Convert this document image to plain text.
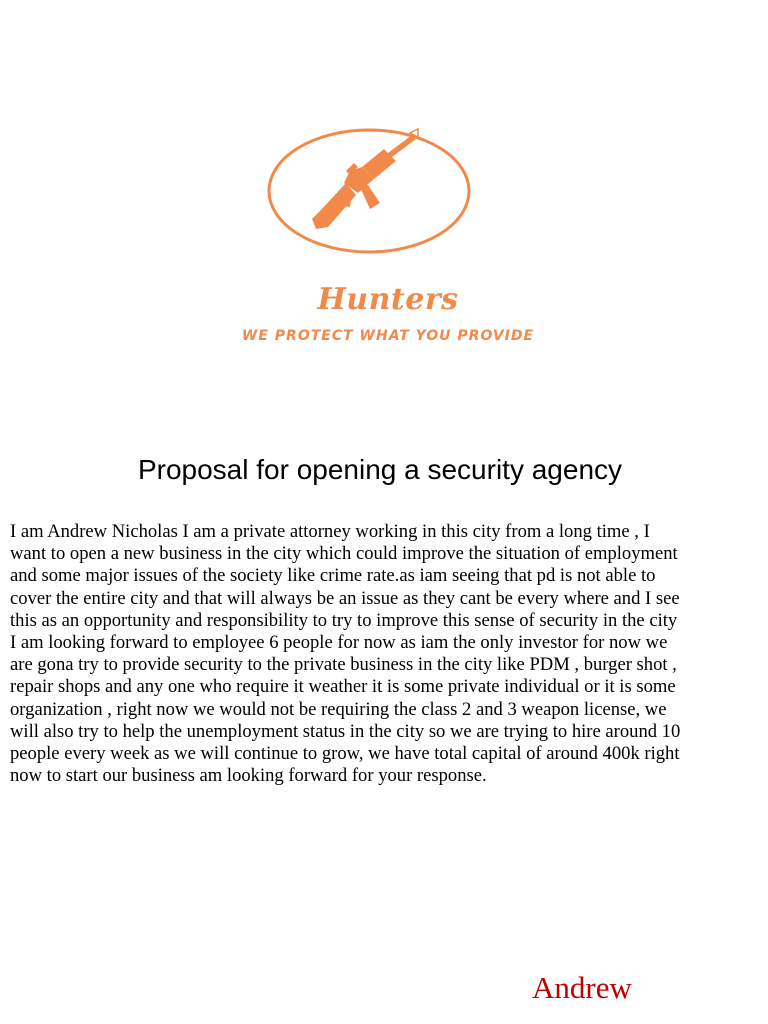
Hunters
WE PROTECT WHAT YOU PROVIDE
Proposal for opening a security agency

I am Andrew Nicholas I am a private attorney working in this city from a long time , I
want to open a new business in the city which could improve the situation of employment
and some major issues of the society like crime rate.as iam seeing that pd is not able to
cover the entire city and that will always be an issue as they cant be every where and I see
this as an opportunity and responsibility to try to improve this sense of security in the city
I am looking forward to employee 6 people for now as iam the only investor for now we
are gona try to provide security to the private business in the city like PDM , burger shot ,
repair shops and any one who require it weather it is some private individual or it is some
organization , right now we would not be requiring the class 2 and 3 weapon license, we
will also try to help the unemployment status in the city so we are trying to hire around 10
people every week as we will continue to grow, we have total capital of around 400k right
now to start our business am looking forward for your response.

Andrew
